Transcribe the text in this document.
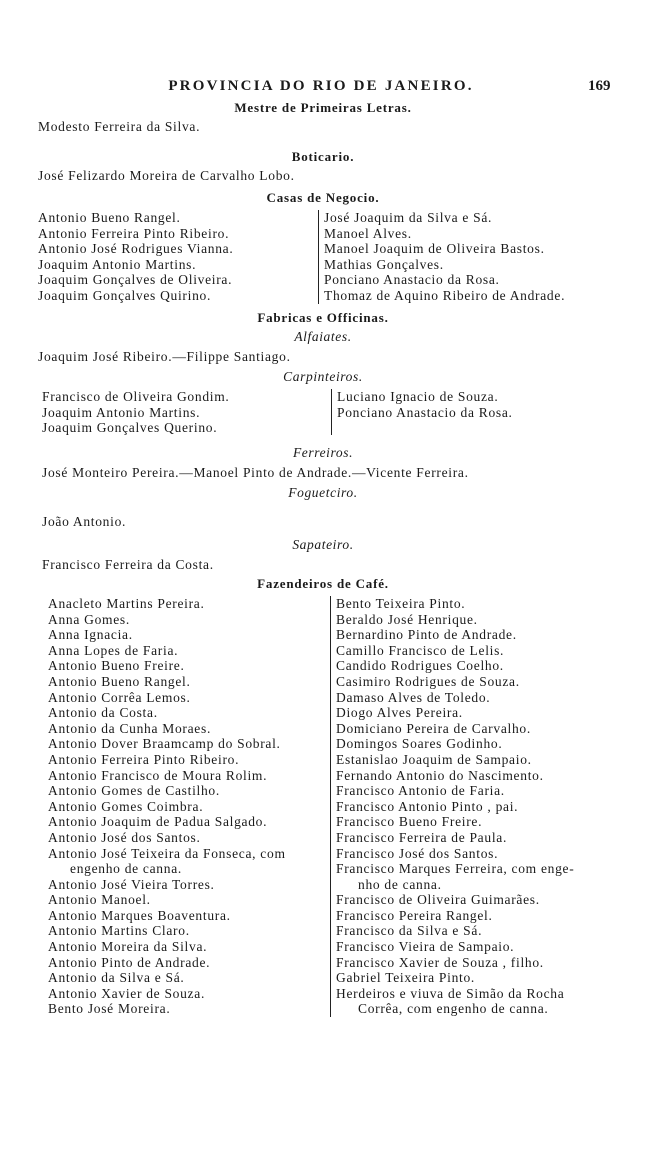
PROVINCIA DO RIO DE JANEIRO.	169
Mestre de Primeiras Letras.
Modesto Ferreira da Silva.
Boticario.
José Felizardo Moreira de Carvalho Lobo.
Casas de Negocio.
Antonio Bueno Rangel.
Antonio Ferreira Pinto Ribeiro.
Antonio José Rodrigues Vianna.
Joaquim Antonio Martins.
Joaquim Gonçalves de Oliveira.
Joaquim Gonçalves Quirino.
José Joaquim da Silva e Sá.
Manoel Alves.
Manoel Joaquim de Oliveira Bastos.
Mathias Gonçalves.
Ponciano Anastacio da Rosa.
Thomaz de Aquino Ribeiro de Andrade.
Fabricas e Officinas.
Alfaiates.
Joaquim José Ribeiro.—Filippe Santiago.
Carpinteiros.
Francisco de Oliveira Gondim.
Joaquim Antonio Martins.
Joaquim Gonçalves Querino.
Luciano Ignacio de Souza.
Ponciano Anastacio da Rosa.
Ferreiros.
José Monteiro Pereira.—Manoel Pinto de Andrade.—Vicente Ferreira.
Foguetciro.
João Antonio.
Sapateiro.
Francisco Ferreira da Costa.
Fazendeiros de Café.
Anacleto Martins Pereira.
Anna Gomes.
Anna Ignacia.
Anna Lopes de Faria.
Antonio Bueno Freire.
Antonio Bueno Rangel.
Antonio Corrêa Lemos.
Antonio da Costa.
Antonio da Cunha Moraes.
Antonio Dover Braamcamp do Sobral.
Antonio Ferreira Pinto Ribeiro.
Antonio Francisco de Moura Rolim.
Antonio Gomes de Castilho.
Antonio Gomes Coimbra.
Antonio Joaquim de Padua Salgado.
Antonio José dos Santos.
Antonio José Teixeira da Fonseca, com
engenho de canna.
Antonio José Vieira Torres.
Antonio Manoel.
Antonio Marques Boaventura.
Antonio Martins Claro.
Antonio Moreira da Silva.
Antonio Pinto de Andrade.
Antonio da Silva e Sá.
Antonio Xavier de Souza.
Bento José Moreira.
Bento Teixeira Pinto.
Beraldo José Henrique.
Bernardino Pinto de Andrade.
Camillo Francisco de Lelis.
Candido Rodrigues Coelho.
Casimiro Rodrigues de Souza.
Damaso Alves de Toledo.
Diogo Alves Pereira.
Domiciano Pereira de Carvalho.
Domingos Soares Godinho.
Estanislao Joaquim de Sampaio.
Fernando Antonio do Nascimento.
Francisco Antonio de Faria.
Francisco Antonio Pinto , pai.
Francisco Bueno Freire.
Francisco Ferreira de Paula.
Francisco José dos Santos.
Francisco Marques Ferreira, com enge-
nho de canna.
Francisco de Oliveira Guimarães.
Francisco Pereira Rangel.
Francisco da Silva e Sá.
Francisco Vieira de Sampaio.
Francisco Xavier de Souza , filho.
Gabriel Teixeira Pinto.
Herdeiros e viuva de Simão da Rocha
Corrêa, com engenho de canna.
